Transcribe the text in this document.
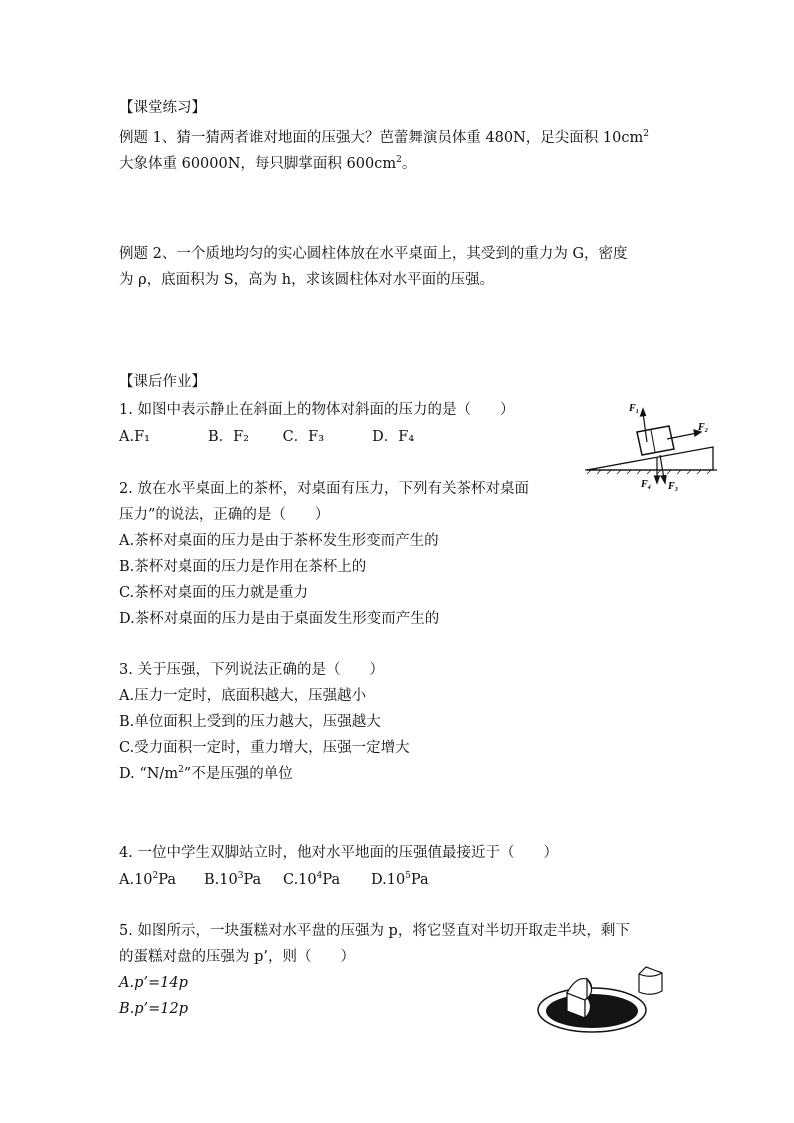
【课堂练习】
例题 1、猜一猜两者谁对地面的压强大？芭蕾舞演员体重 480N，足尖面积 $10cm^2$
大象体重 60000N，每只脚掌面积 $600cm^2$。
例题 2、一个质地均匀的实心圆柱体放在水平桌面上，其受到的重力为 G，密度
为 ρ，底面积为 S，高为 h，求该圆柱体对水平面的压强。
【课后作业】
1. 如图中表示静止在斜面上的物体对斜面的压力的是（　　）
A.F₁　　　　B．F₂　　 C．F₃　　　 D．F₄
F₁
F₂
F₃
F₄
2. 放在水平桌面上的茶杯，对桌面有压力，下列有关茶杯对桌面
压力”的说法，正确的是（　　）
A.茶杯对桌面的压力是由于茶杯发生形变而产生的
B.茶杯对桌面的压力是作用在茶杯上的
C.茶杯对桌面的压力就是重力
D.茶杯对桌面的压力是由于桌面发生形变而产生的
3. 关于压强，下列说法正确的是（　　）
A.压力一定时，底面积越大，压强越小
B.单位面积上受到的压力越大，压强越大
C.受力面积一定时，重力增大，压强一定增大
D. “$N/m^2$”不是压强的单位
4. 一位中学生双脚站立时，他对水平地面的压强值最接近于（　　）
$A.10^2Pa$ $B.10^3Pa$ $C.10^4Pa$ $D.10^5Pa$
5. 如图所示，一块蛋糕对水平盘的压强为 p，将它竖直对半切开取走半块，剩下
的蛋糕对盘的压强为 p’，则（　　）
A.p’=14p
B.p’=12p
